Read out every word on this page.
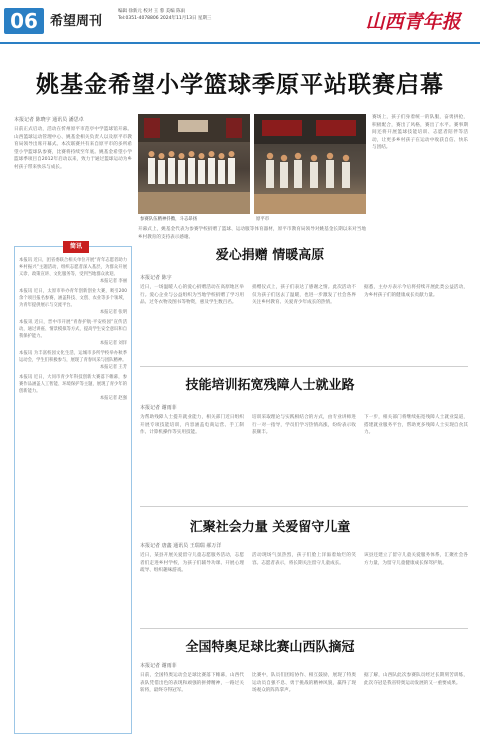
06 希望周刊
编辑 徐新元 校对 王 蓉 美编 陈雨
Tel:0351-4078806 2024年11月13日 星期三	山西青年报
姚基金希望小学篮球季原平站联赛启幕
本报记者 陈晓宇 通讯员 潘思卓
日前正式启动，活动在忻州原平市范亭中学篮球馆开幕。山西篮球运动管理中心、姚基金相关负责人以及原平市教育局领导出席开幕式。本次联赛共有来自原平市的多所希望小学篮球队参赛，比赛将持续至年底。姚基金希望小学篮球季项目自2012年启动以来，致力于通过篮球运动为乡村孩子带来快乐与成长。
参赛队伍精神抖擞，斗志昂扬	原平市
赛场上，孩子们身着统一的队服，奋勇拼抢，积极配合，赛出了风格，赛出了水平。赛事期间还将开展篮球技能培训、志愿者陪伴等活动，让更多乡村孩子在运动中收获自信、快乐与团结。
开幕式上，姚基金代表为参赛学校捐赠了篮球、运动服等体育器材，原平市教育局领导对姚基金长期以来对当地乡村教育的支持表示感谢。
简讯
本报讯 近日，团省委联合相关单位开展“青年志愿者助力乡村振兴”主题活动，组织志愿者深入基层，为群众开展义诊、政策宣讲、文化服务等，受到当地群众欢迎。
本报记者 李丽
本报讯 近日，太原市举办青年创新创业大赛，吸引200余个项目报名参赛，涵盖科技、文创、农业等多个领域，为青年提供展示与交流平台。
本报记者 张明
本报讯 近日，晋中市开展“青春护航·平安校园”宣传活动，通过讲座、情景模拟等方式，提高学生安全意识和自我保护能力。
本报记者 刘洋
本报讯 为丰富校园文化生活，运城市多所学校举办秋季运动会，学生们积极参与，展现了青春风采与团队精神。
本报记者 王芳
本报讯 近日，大同市青少年科技创新大赛落下帷幕，参赛作品涵盖人工智能、环境保护等主题，展现了青少年的创新能力。
本报记者 赵强
爱心捐赠 情暖高原
本报记者 陈宇
近日，一场温暖人心的爱心捐赠活动在高原地区举行。爱心企业与公益组织为当地学校捐赠了学习用品、过冬衣物及图书等物资，惠及学生数百名。
捐赠仪式上，孩子们表达了感谢之情。此次活动不仅为孩子们送去了温暖，也进一步激发了社会各界关注乡村教育、关爱青少年成长的热情。
据悉，主办方表示今后将持续开展此类公益活动，为乡村孩子们的健康成长贡献力量。
技能培训拓宽残障人士就业路
本报记者 谢雨菲
为帮助残障人士提升就业能力，相关部门近日组织开展专项技能培训，内容涵盖电商运营、手工制作、计算机操作等实用技能。
培训采取理论与实践相结合的方式，由专业讲师进行一对一指导，学员们学习热情高涨，纷纷表示收获颇丰。
下一步，相关部门将继续拓宽残障人士就业渠道，搭建就业服务平台，帮助更多残障人士实现自食其力。
汇聚社会力量 关爱留守儿童
本报记者 唐鑫 通讯员 王瑞瑞 郝万洋
近日，某县开展关爱留守儿童志愿服务活动，志愿者们走进乡村学校，为孩子们辅导功课、开展心理疏导、组织趣味游戏。
活动现场气氛热烈，孩子们脸上洋溢着灿烂的笑容。志愿者表示，将长期关注留守儿童成长。
该县还建立了留守儿童关爱服务体系，汇聚社会各方力量，为留守儿童健康成长保驾护航。
全国特奥足球比赛山西队摘冠
本报记者 谢雨菲
日前，全国特奥运动会足球比赛落下帷幕，山西代表队凭借出色的表现和顽强的拼搏精神，一路过关斩将，最终夺得冠军。
比赛中，队员们团结协作、相互鼓励，展现了特奥运动员自强不息、勇于挑战的精神风貌，赢得了现场观众的阵阵掌声。
据了解，山西队此次参赛队员经过长期刻苦训练，此次夺冠是我省特奥运动发展的又一重要成果。
